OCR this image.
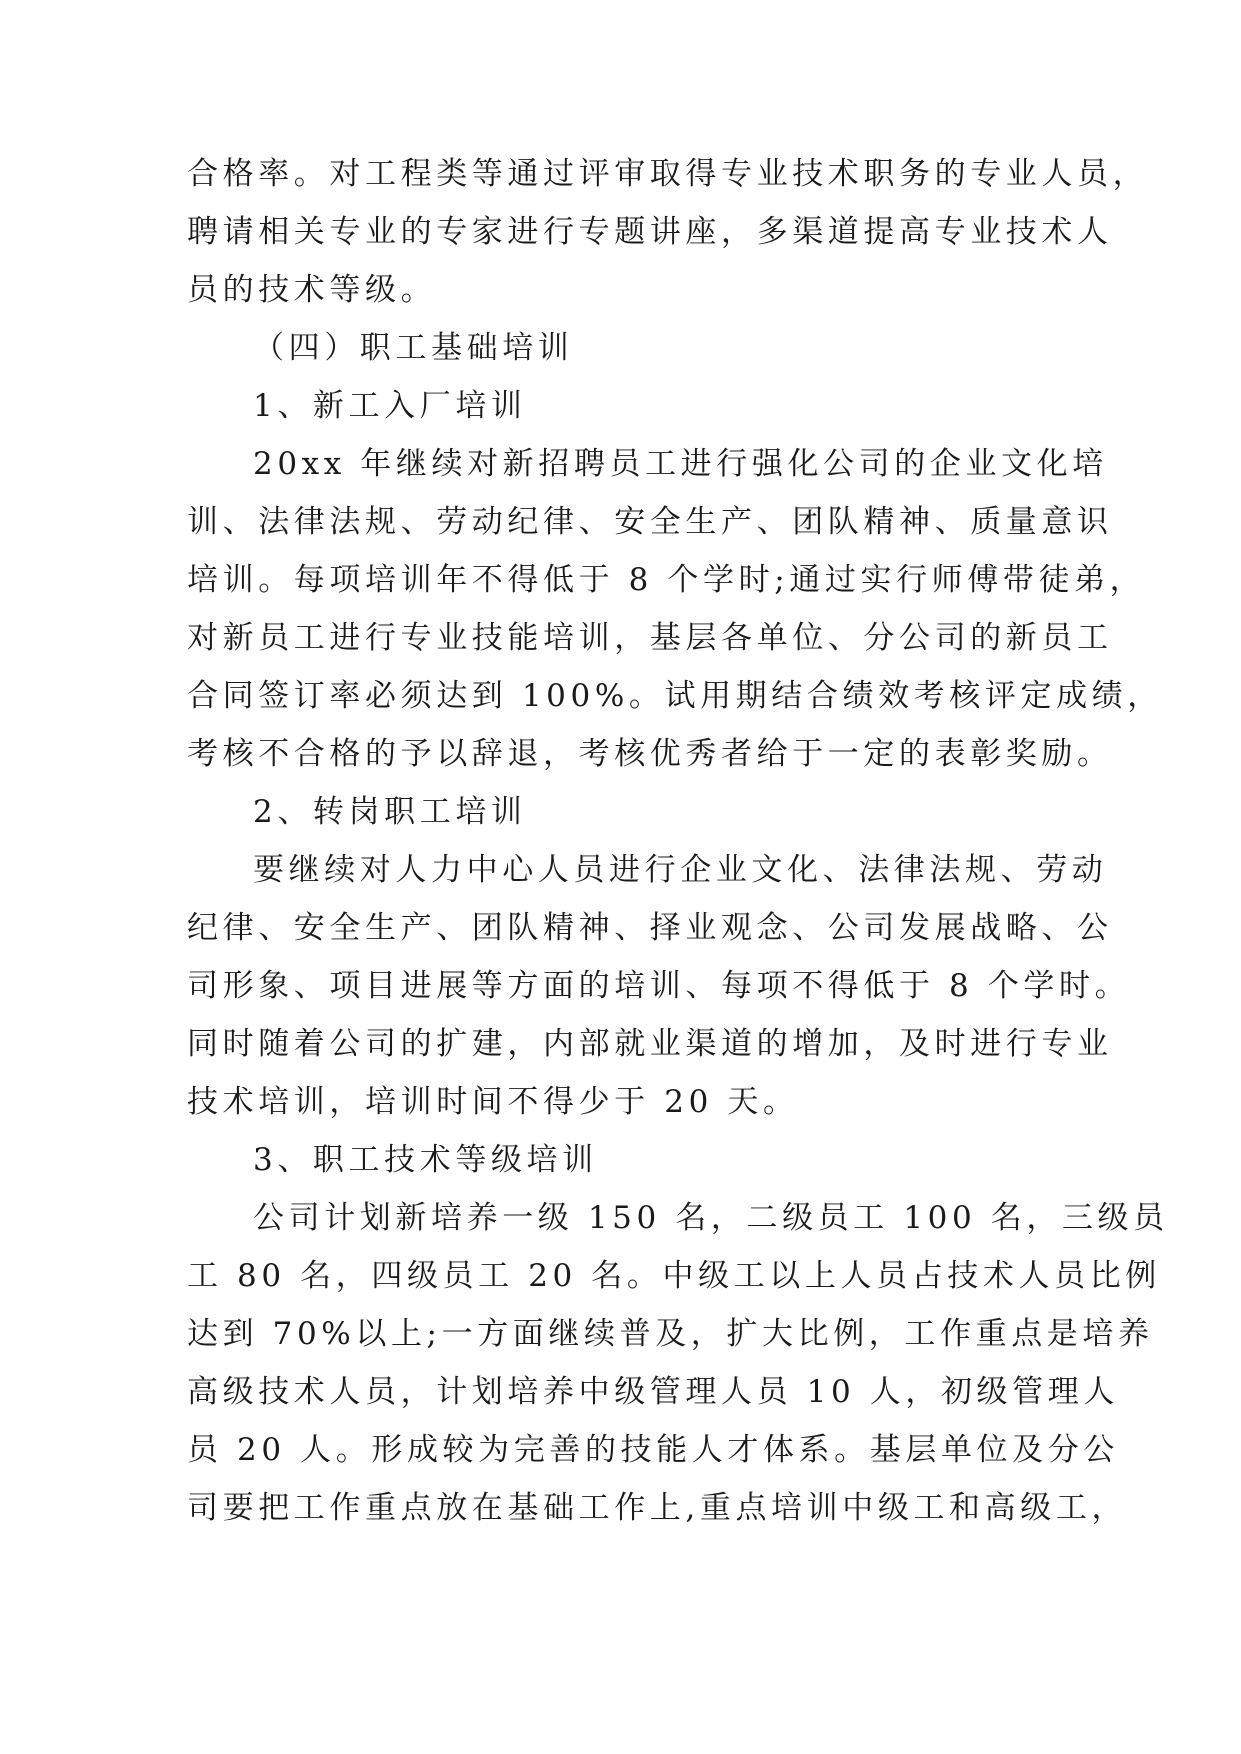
合格率。对工程类等通过评审取得专业技术职务的专业人员，
聘请相关专业的专家进行专题讲座，多渠道提高专业技术人
员的技术等级。
（四）职工基础培训
1、新工入厂培训
20xx 年继续对新招聘员工进行强化公司的企业文化培
训、法律法规、劳动纪律、安全生产、团队精神、质量意识
培训。每项培训年不得低于 8 个学时;通过实行师傅带徒弟，
对新员工进行专业技能培训，基层各单位、分公司的新员工
合同签订率必须达到 100%。试用期结合绩效考核评定成绩，
考核不合格的予以辞退，考核优秀者给于一定的表彰奖励。
2、转岗职工培训
要继续对人力中心人员进行企业文化、法律法规、劳动
纪律、安全生产、团队精神、择业观念、公司发展战略、公
司形象、项目进展等方面的培训、每项不得低于 8 个学时。
同时随着公司的扩建，内部就业渠道的增加，及时进行专业
技术培训，培训时间不得少于 20 天。
3、职工技术等级培训
公司计划新培养一级 150 名，二级员工 100 名，三级员
工 80 名，四级员工 20 名。中级工以上人员占技术人员比例
达到 70%以上;一方面继续普及，扩大比例，工作重点是培养
高级技术人员，计划培养中级管理人员 10 人，初级管理人
员 20 人。形成较为完善的技能人才体系。基层单位及分公
司要把工作重点放在基础工作上,重点培训中级工和高级工，
